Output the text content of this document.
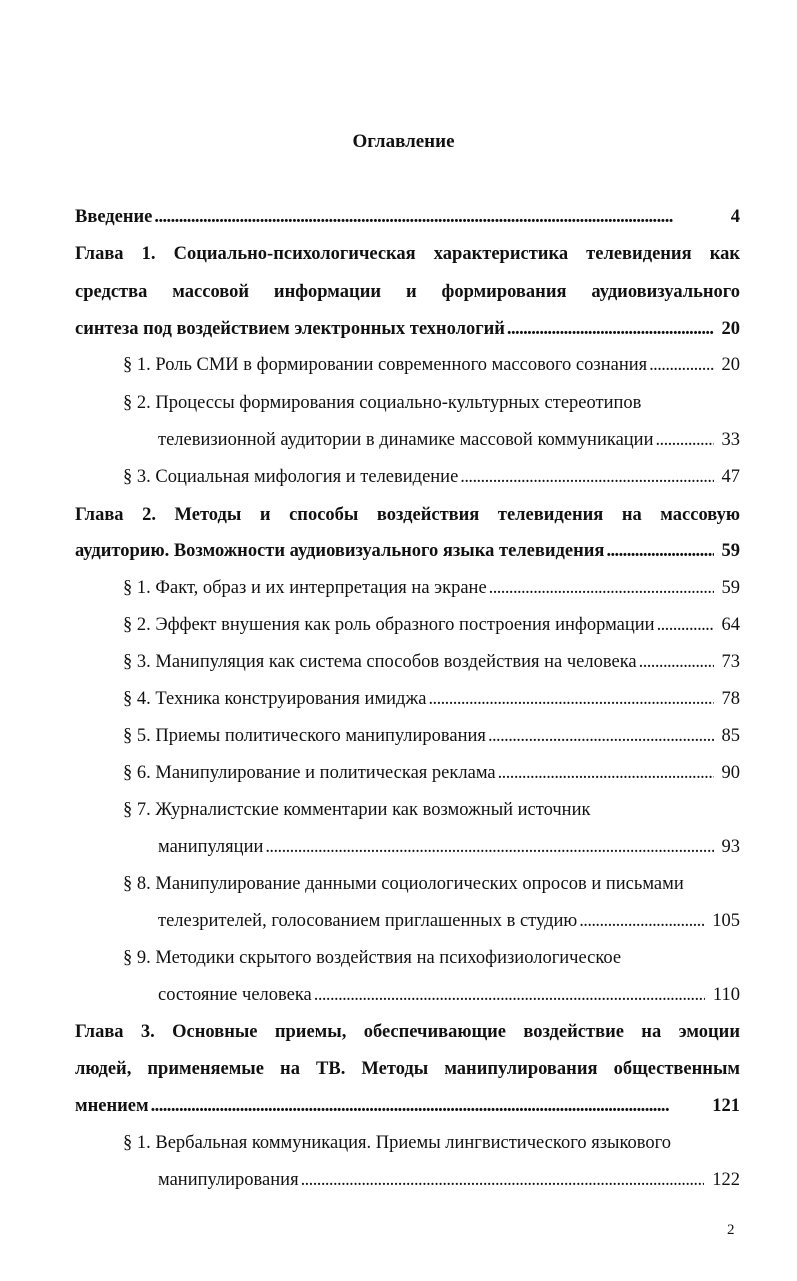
Оглавление
Введение . . .	4
Глава 1. Социально-психологическая характеристика телевидения как
средства массовой информации и формирования аудиовизуального
синтеза под воздействием электронных технологий . . .	20
§ 1. Роль СМИ в формировании современного массового сознания . . .	20
§ 2. Процессы формирования социально-культурных стереотипов
телевизионной аудитории в динамике массовой коммуникации . . .	33
§ 3. Социальная мифология и телевидение . . .	47
Глава 2. Методы и способы воздействия телевидения на массовую
аудиторию. Возможности аудиовизуального языка телевидения . . .	59
§ 1. Факт, образ и их интерпретация на экране . . .	59
§ 2. Эффект внушения как роль образного построения информации . . .	64
§ 3. Манипуляция как система способов воздействия на человека . . .	73
§ 4. Техника конструирования имиджа . . .	78
§ 5. Приемы политического манипулирования . . .	85
§ 6. Манипулирование и политическая реклама . . .	90
§ 7. Журналистские комментарии как возможный источник
манипуляции . . .	93
§ 8. Манипулирование данными социологических опросов и письмами
телезрителей, голосованием приглашенных в студию . . .	105
§ 9. Методики скрытого воздействия на психофизиологическое
состояние человека . . .	110
Глава 3. Основные приемы, обеспечивающие воздействие на эмоции
людей, применяемые на ТВ. Методы манипулирования общественным
мнением . . .	121
§ 1. Вербальная коммуникация. Приемы лингвистического языкового
манипулирования . . .	122
2
